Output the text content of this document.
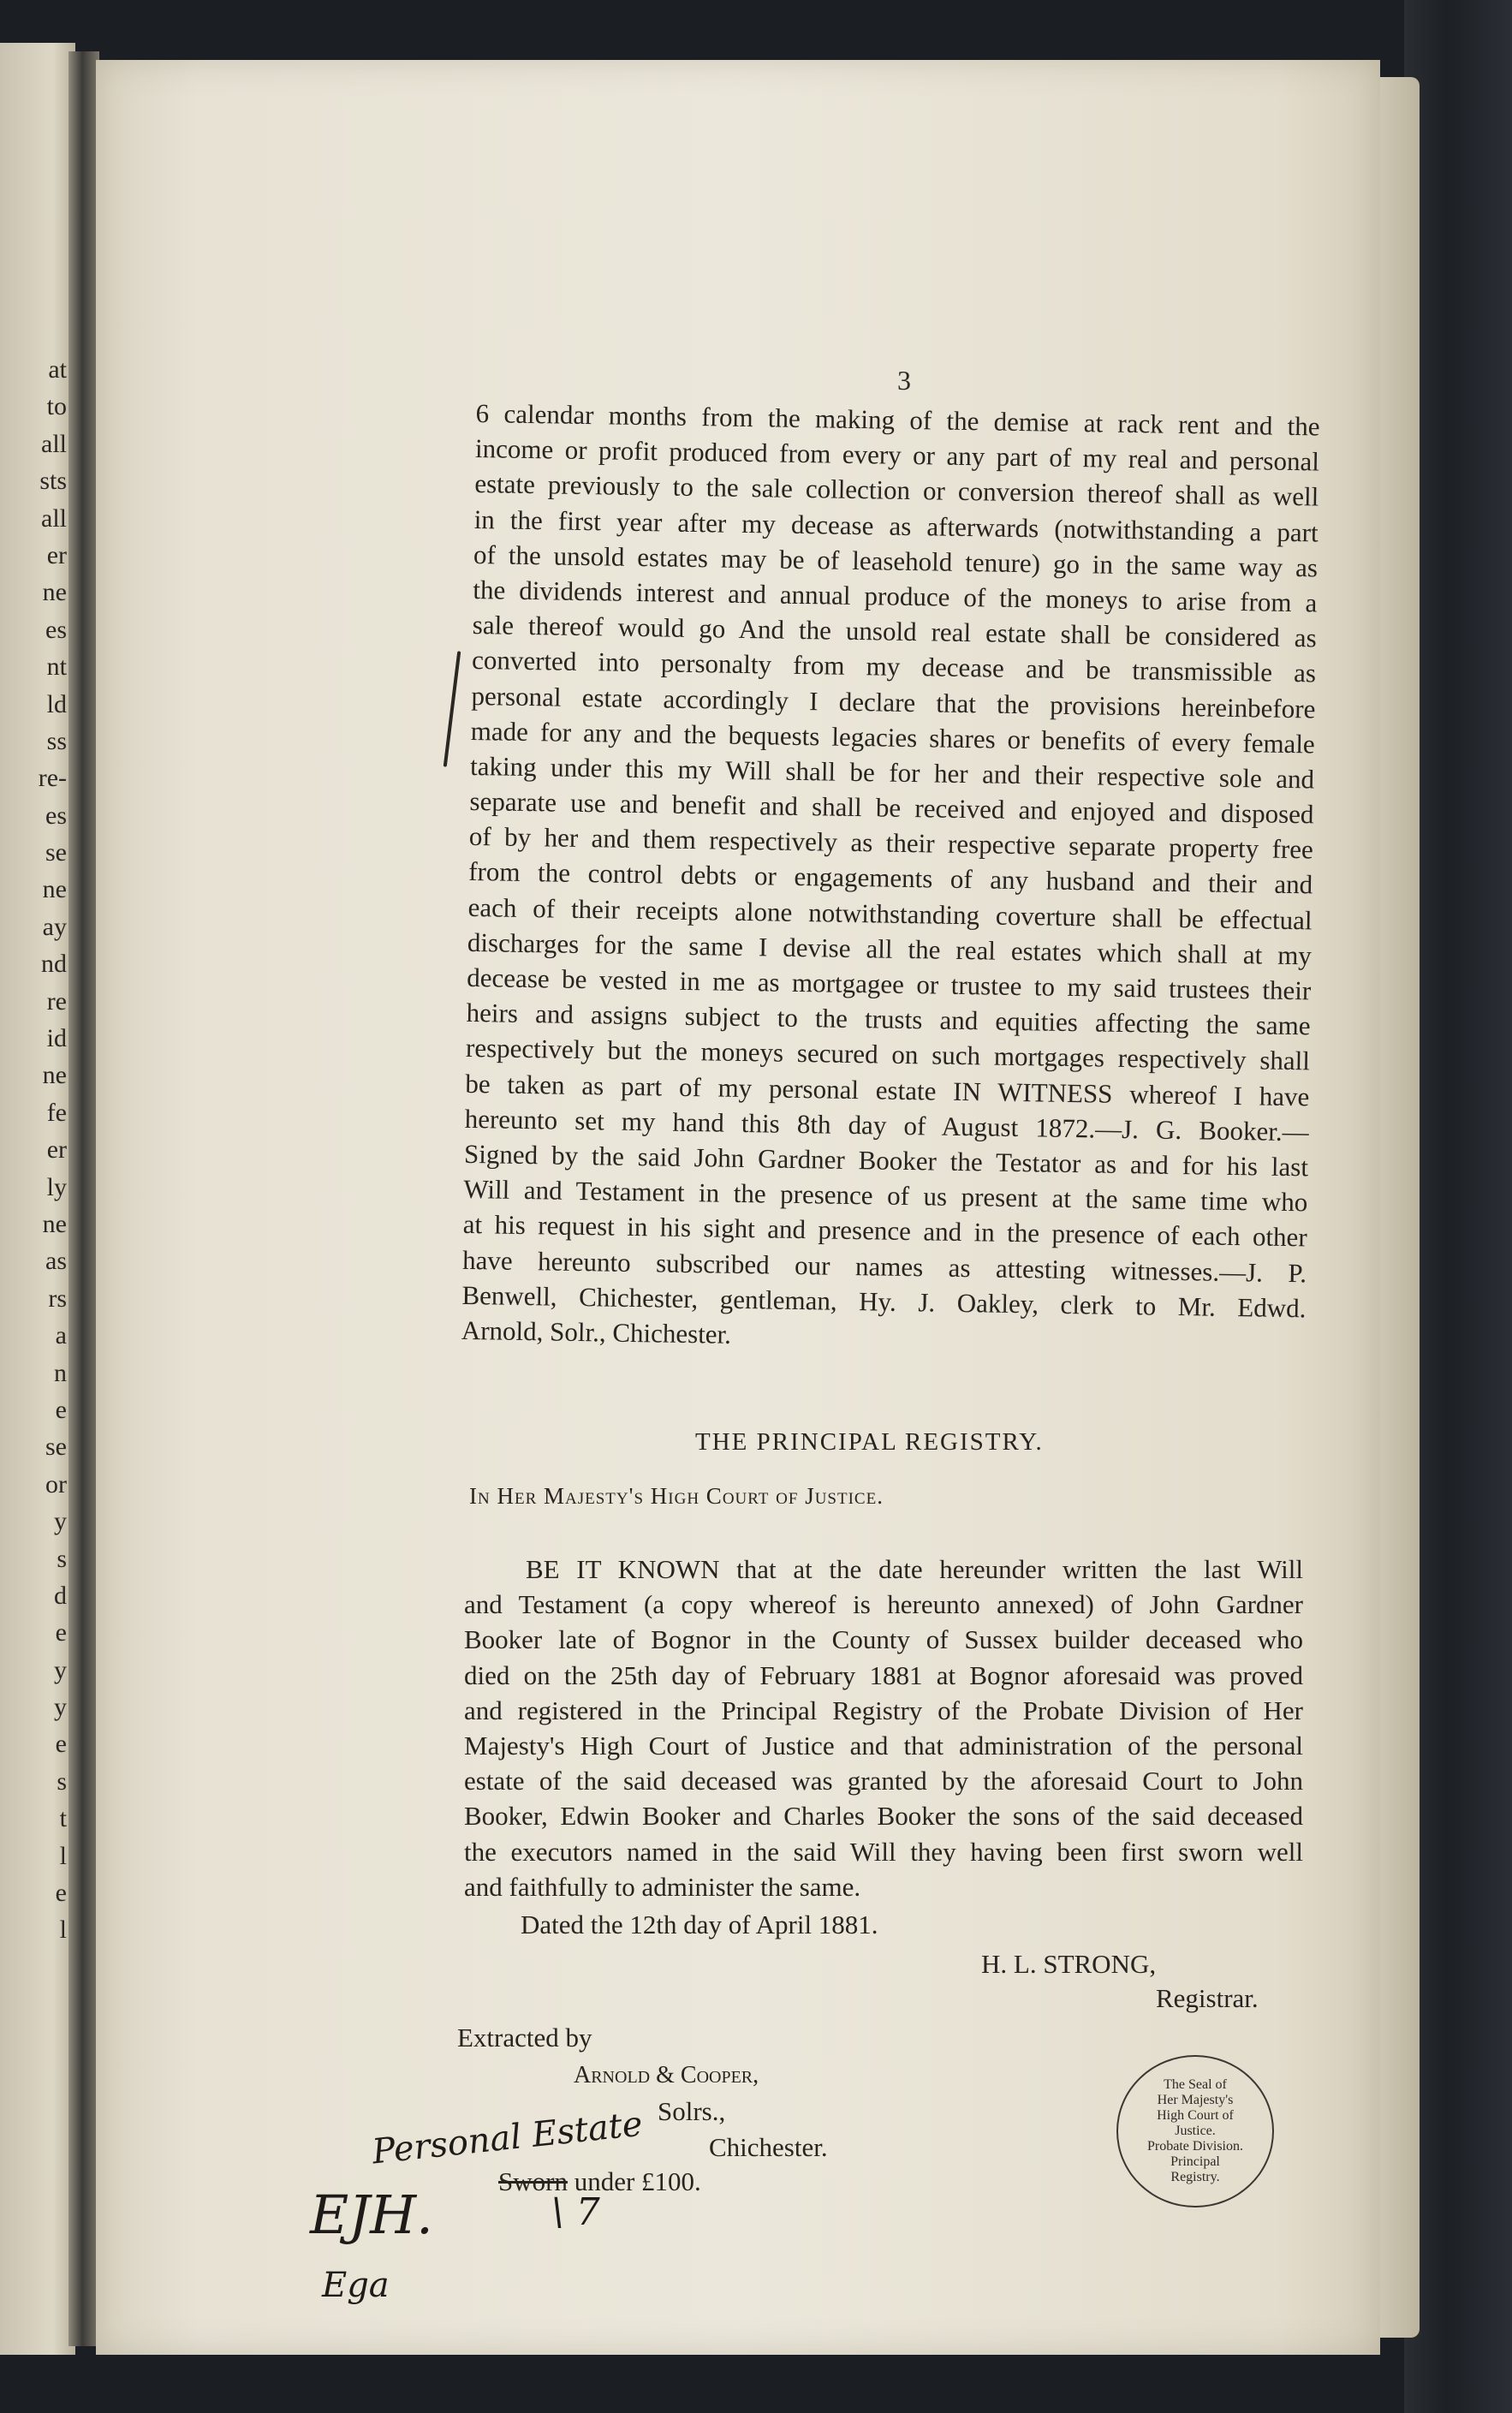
at
to
all
sts
all
er
ne
es
nt
ld
ss
re-
es
se
ne
ay
nd
re
id
ne
fe
er
ly
ne
as
rs
a
n
e
se
or
y
s
d
e
y
y
e
s
t
l
e
l
3
6 calendar months from the making of the demise at rack rent and the
income or profit produced from every or any part of my real and personal
estate previously to the sale collection or conversion thereof shall as well
in the first year after my decease as afterwards (notwithstanding a part
of the unsold estates may be of leasehold tenure) go in the same way as
the dividends interest and annual produce of the moneys to arise from a
sale thereof would go And the unsold real estate shall be considered as
converted into personalty from my decease and be transmissible as
personal estate accordingly I declare that the provisions hereinbefore
made for any and the bequests legacies shares or benefits of every female
taking under this my Will shall be for her and their respective sole and
separate use and benefit and shall be received and enjoyed and disposed
of by her and them respectively as their respective separate property free
from the control debts or engagements of any husband and their and
each of their receipts alone notwithstanding coverture shall be effectual
discharges for the same I devise all the real estates which shall at my
decease be vested in me as mortgagee or trustee to my said trustees their
heirs and assigns subject to the trusts and equities affecting the same
respectively but the moneys secured on such mortgages respectively shall
be taken as part of my personal estate IN WITNESS whereof I have
hereunto set my hand this 8th day of August 1872.—J. G. Booker.—
Signed by the said John Gardner Booker the Testator as and for his last
Will and Testament in the presence of us present at the same time who
at his request in his sight and presence and in the presence of each other
have hereunto subscribed our names as attesting witnesses.—J. P.
Benwell, Chichester, gentleman, Hy. J. Oakley, clerk to Mr. Edwd.
Arnold, Solr., Chichester.
THE PRINCIPAL REGISTRY.
In Her Majesty's High Court of Justice.
BE IT KNOWN that at the date hereunder written the last Will
and Testament (a copy whereof is hereunto annexed) of John Gardner
Booker late of Bognor in the County of Sussex builder deceased who
died on the 25th day of February 1881 at Bognor aforesaid was proved
and registered in the Principal Registry of the Probate Division of Her
Majesty's High Court of Justice and that administration of the personal
estate of the said deceased was granted by the aforesaid Court to John
Booker, Edwin Booker and Charles Booker the sons of the said deceased
the executors named in the said Will they having been first sworn well
and faithfully to administer the same.
Dated the 12th day of April 1881.
H. L. STRONG,
Registrar.
Extracted by
Arnold & Cooper,
Solrs.,
Chichester.
Sworn under £100.
Personal Estate
\ 7
EJH.
Ega
The Seal of
Her Majesty's
High Court of
Justice.
Probate Division.
Principal
Registry.
